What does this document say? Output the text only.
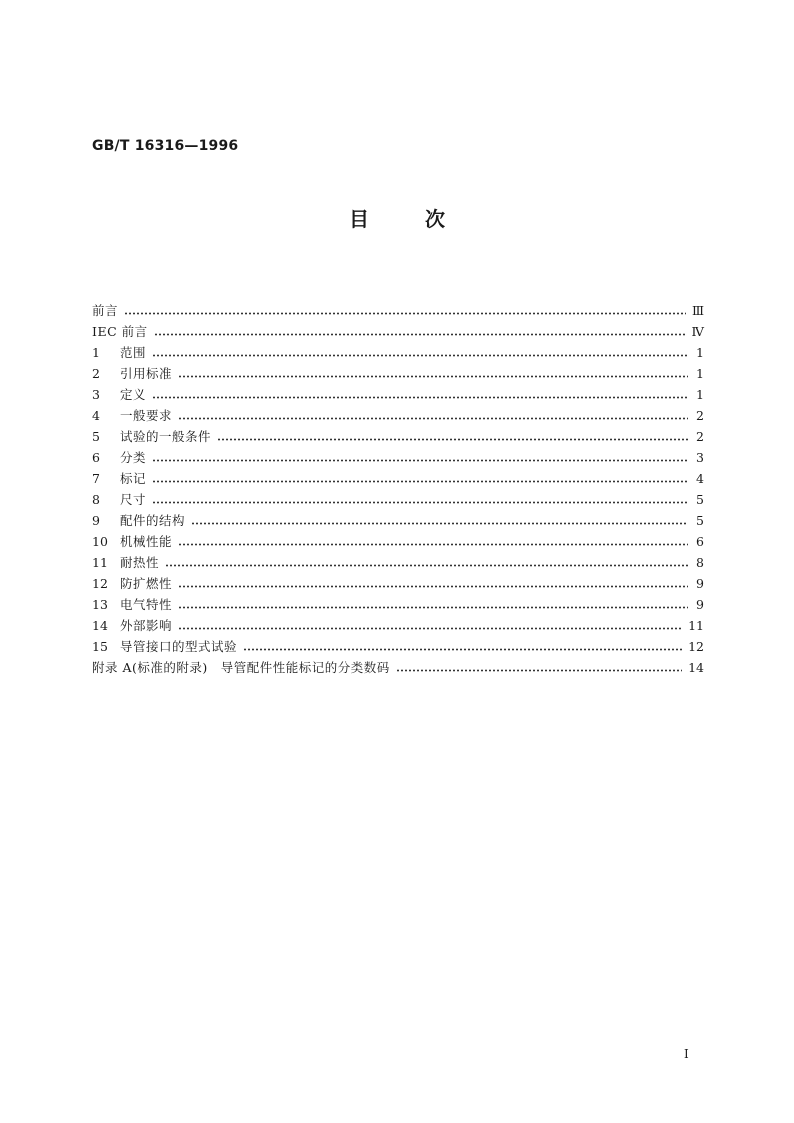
GB/T 16316—1996
目次
前言	Ⅲ
IEC 前言	Ⅳ
1	范围	1
2	引用标准	1
3	定义	1
4	一般要求	2
5	试验的一般条件	2
6	分类	3
7	标记	4
8	尺寸	5
9	配件的结构	5
10 机械性能	6
11 耐热性	8
12 防扩燃性	9
13 电气特性	9
14 外部影响	11
15 导管接口的型式试验	12
附录 A(标准的附录)　导管配件性能标记的分类数码	14
I
